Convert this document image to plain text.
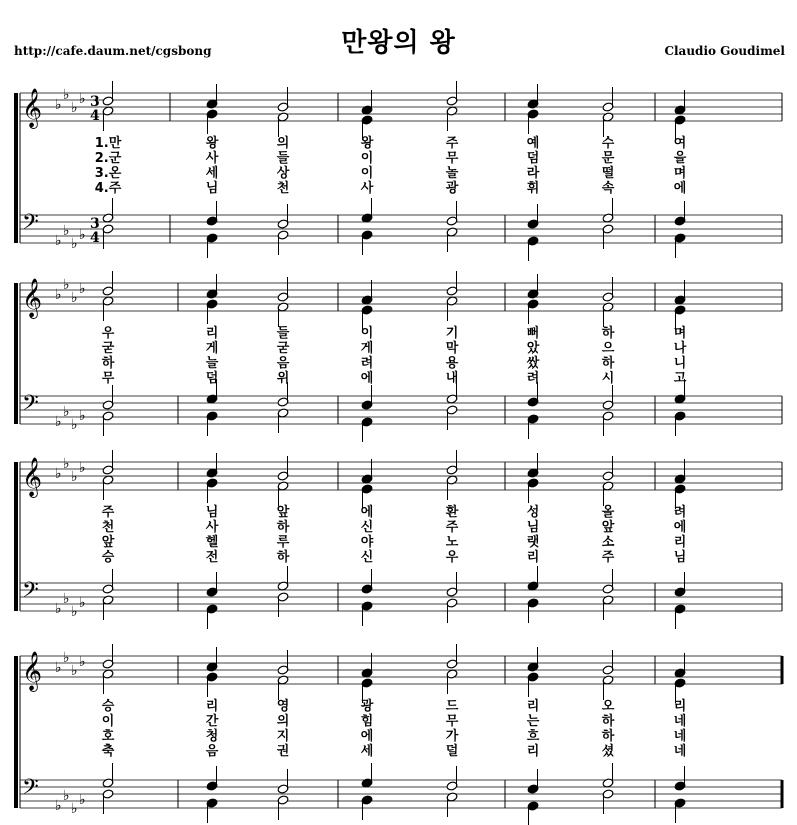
만왕의 왕
http://cafe.daum.net/cgsbong	Claudio Goudimel
𝄞 ♭
♭
♭
♭
𝄢
♭
♭
♭
♭
3
4
3
4
1.만	왕	의	왕	주	예	수	여
2.군	사	들	이	무	덤	문	을
3.온	세	상	이	놀	라	떨	며
4.주	님	천	사	광	휘	속	에
𝄞 ♭
♭
♭
♭
𝄢
♭
♭
♭
♭
우	리	들	이	기	뻐	하	며
굳	게	굳	게	막	았	으	나
하	늘	음	려	용	쌌	하	니
무	덤	위	에	내	려	시	고
𝄞 ♭
♭
♭
♭
𝄢
♭
♭
♭
♭
주	님	앞	에	환	성	올	려
천	사	하	신	주	님	앞	에
앞	헬	루	야	노	랫	소	리
승	전	하	신	우	리	주	님
𝄞 ♭
♭
♭
♭
𝄢
♭
♭
♭
♭
승	리	영	광	드	리	오	리
이	간	의	힘	무	는	하	네
호	청	지	에	가	흐	하	네
축	음	권	세	덜	리	셨	네
